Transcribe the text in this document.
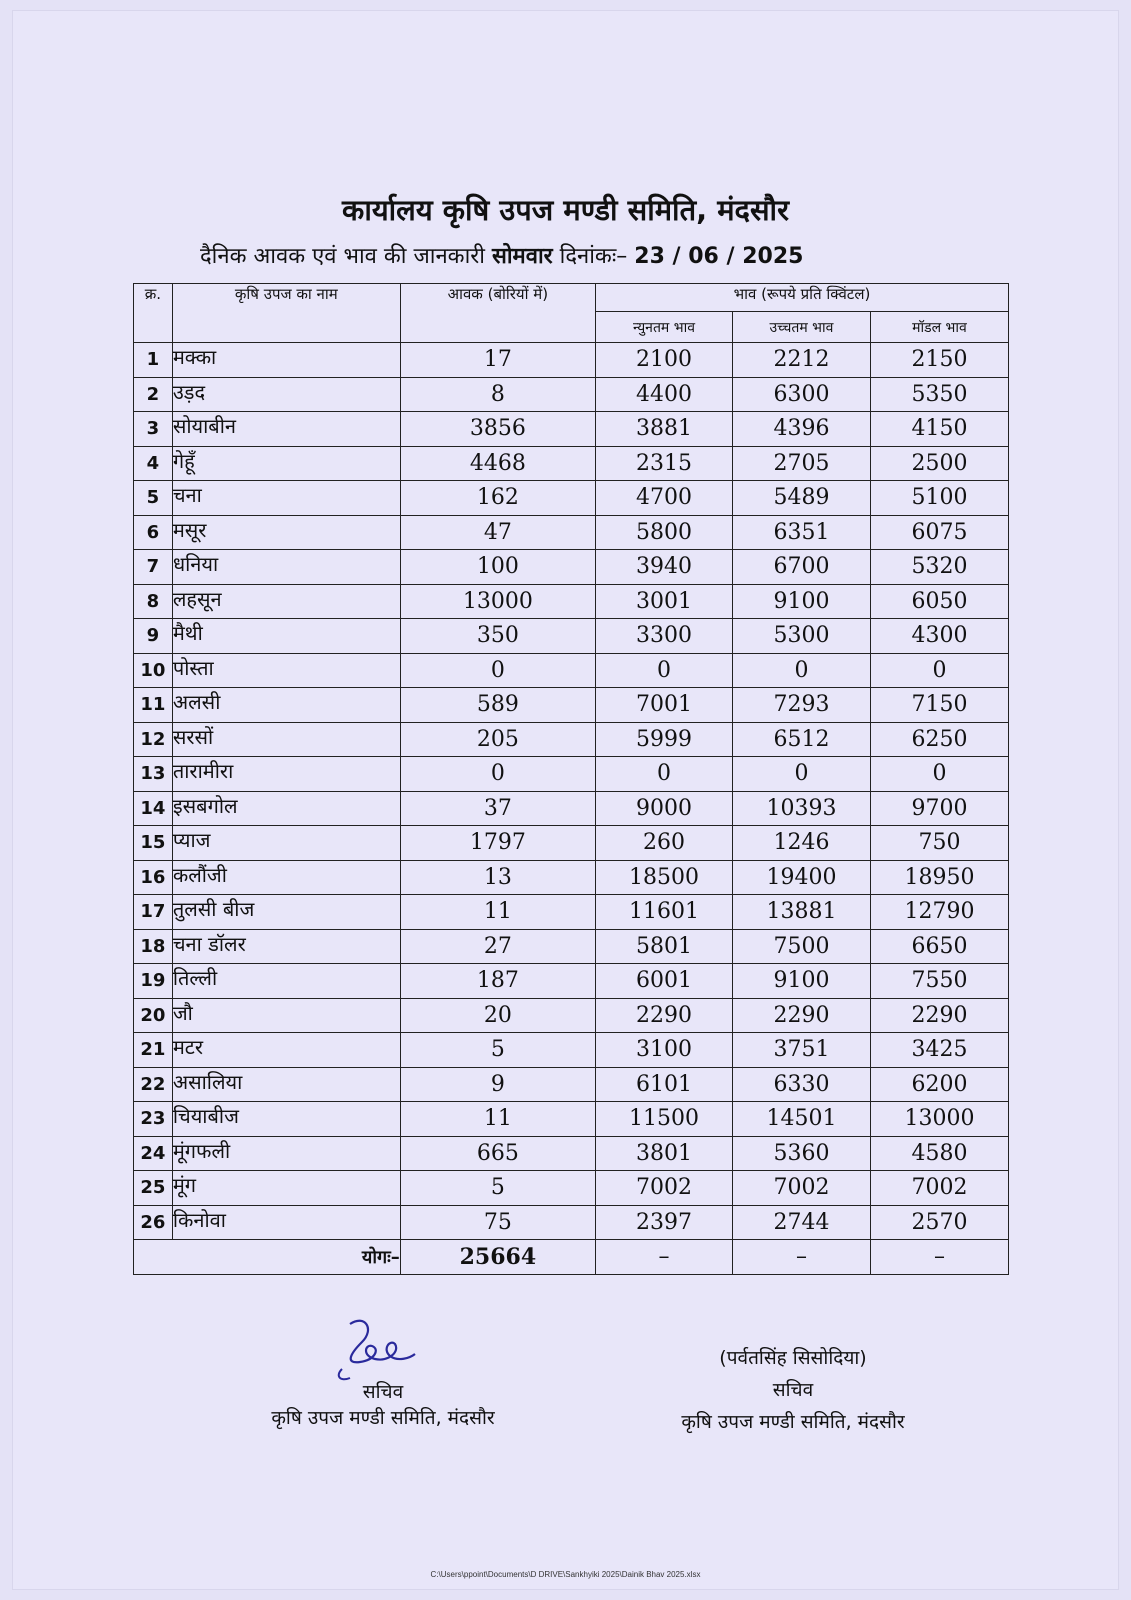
कार्यालय कृषि उपज मण्डी समिति, मंदसौर
दैनिक आवक एवं भाव की जानकारी सोमवार दिनांकः– 23 / 06 / 2025
क्र.	कृषि उपज का नाम	आवक (बोरियों में)	भाव (रूपये प्रति क्विंटल)		
			न्युनतम भाव	उच्चतम भाव	मॉडल भाव
1	मक्का	17	2100	2212	2150
2	उड़द	8	4400	6300	5350
3	सोयाबीन	3856	3881	4396	4150
4	गेहूँ	4468	2315	2705	2500
5	चना	162	4700	5489	5100
6	मसूर	47	5800	6351	6075
7	धनिया	100	3940	6700	5320
8	लहसून	13000	3001	9100	6050
9	मैथी	350	3300	5300	4300
10	पोस्ता	0	0	0	0
11	अलसी	589	7001	7293	7150
12	सरसों	205	5999	6512	6250
13	तारामीरा	0	0	0	0
14	इसबगोल	37	9000	10393	9700
15	प्याज	1797	260	1246	750
16	कलौंजी	13	18500	19400	18950
17	तुलसी बीज	11	11601	13881	12790
18	चना डॉलर	27	5801	7500	6650
19	तिल्ली	187	6001	9100	7550
20	जौ	20	2290	2290	2290
21	मटर	5	3100	3751	3425
22	असालिया	9	6101	6330	6200
23	चियाबीज	11	11500	14501	13000
24	मूंगफली	665	3801	5360	4580
25	मूंग	5	7002	7002	7002
26	किनोवा	75	2397	2744	2570
योगः–		25664	–	–	–
सचिव
कृषि उपज मण्डी समिति, मंदसौर
(पर्वतसिंह सिसोदिया)
सचिव
कृषि उपज मण्डी समिति, मंदसौर
C:\Users\ppoint\Documents\D DRIVE\Sankhyiki 2025\Dainik Bhav 2025.xlsx
